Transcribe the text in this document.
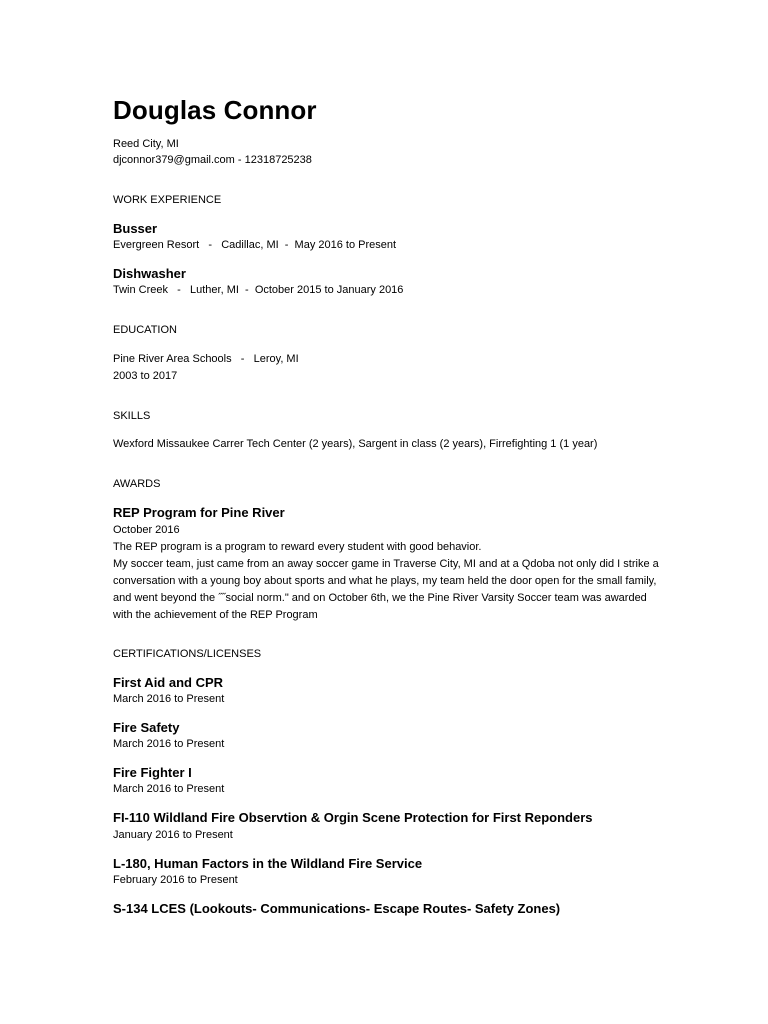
Douglas Connor
Reed City, MI
djconnor379@gmail.com - 12318725238
WORK EXPERIENCE
Busser
Evergreen Resort   -   Cadillac, MI  -  May 2016 to Present
Dishwasher
Twin Creek   -   Luther, MI  -  October 2015 to January 2016
EDUCATION
Pine River Area Schools   -   Leroy, MI
2003 to 2017
SKILLS
Wexford Missaukee Carrer Tech Center (2 years), Sargent in class (2 years), Firrefighting 1 (1 year)
AWARDS
REP Program for Pine River
October 2016
The REP program is a program to reward every student with good behavior.
My soccer team, just came from an away soccer game in Traverse City, MI and at a Qdoba not only did I strike a conversation with a young boy about sports and what he plays, my team held the door open for the small family, and went beyond the ˝˝social norm." and on October 6th, we the Pine River Varsity Soccer team was awarded with the achievement of the REP Program
CERTIFICATIONS/LICENSES
First Aid and CPR
March 2016 to Present
Fire Safety
March 2016 to Present
Fire Fighter I
March 2016 to Present
FI-110 Wildland Fire Observtion & Orgin Scene Protection for First Reponders
January 2016 to Present
L-180, Human Factors in the Wildland Fire Service
February 2016 to Present
S-134 LCES (Lookouts- Communications- Escape Routes- Safety Zones)
